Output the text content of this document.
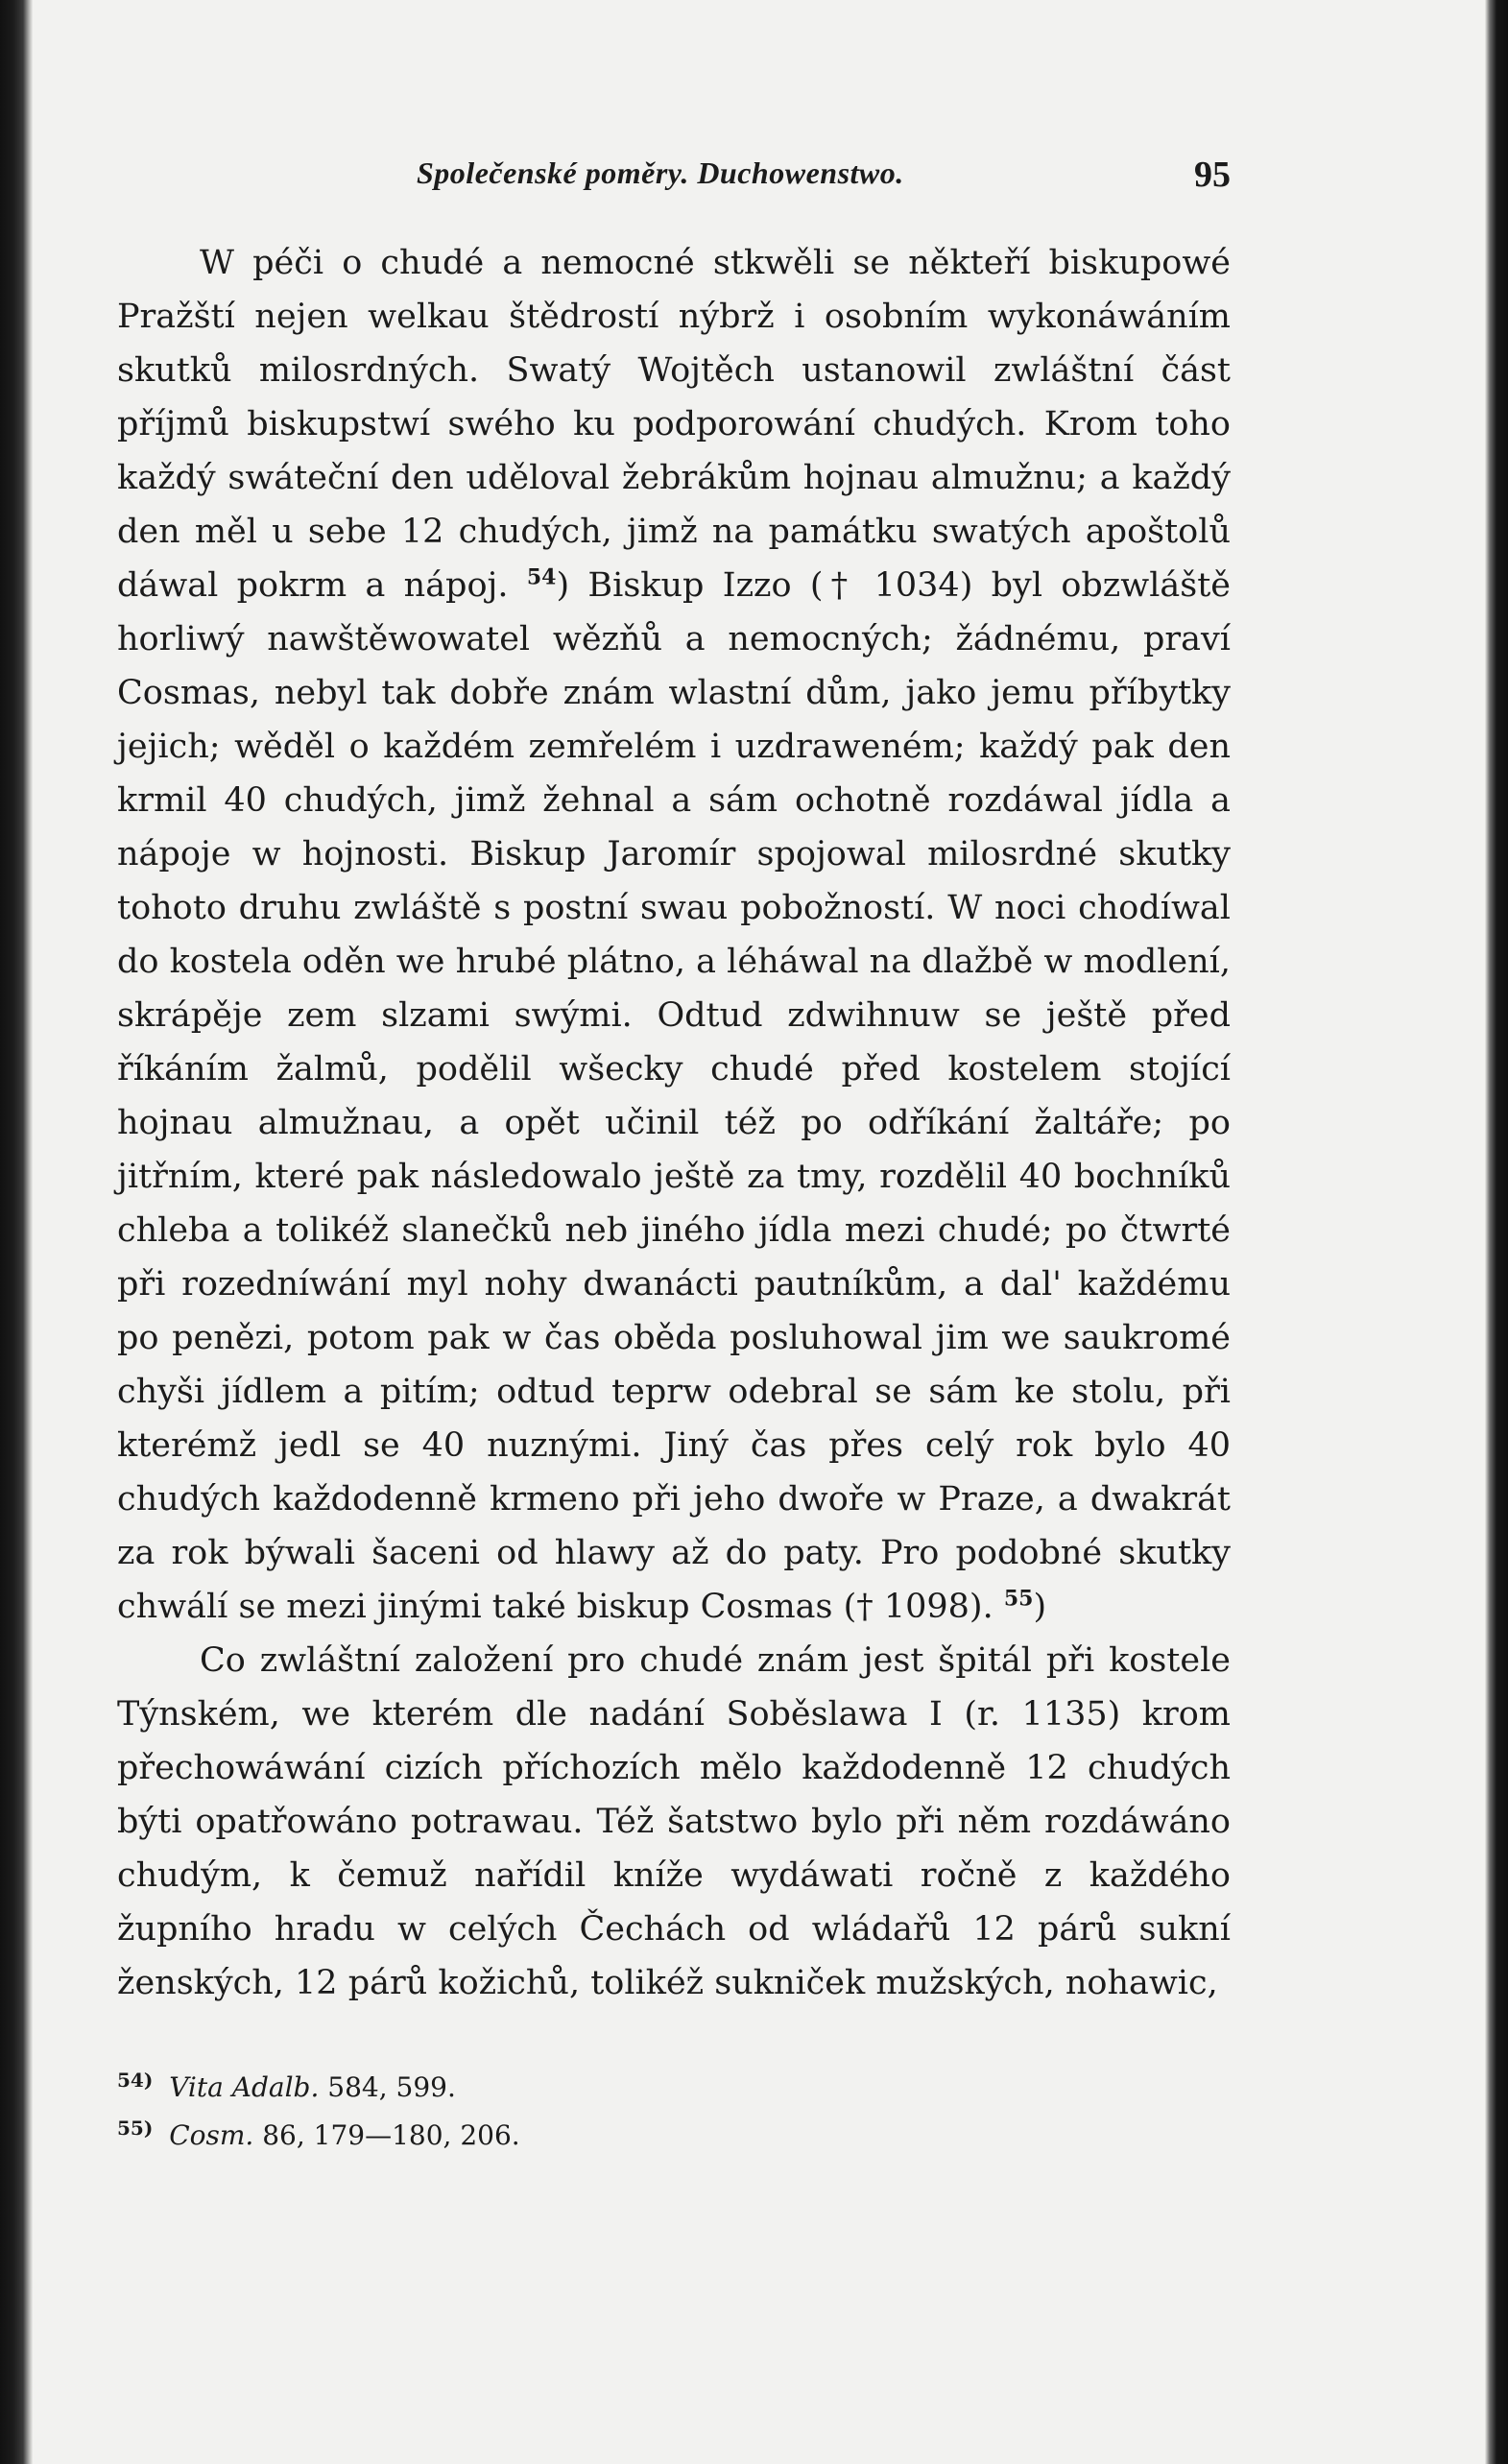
Společenské poměry. Duchowenstwo.	95

W péči o chudé a nemocné stkwěli se někteří biskupowé Pražští nejen welkau štědrostí nýbrž i osobním wykonáwáním skutků milosrdných. Swatý Wojtěch ustanowil zwláštní část příjmů biskupstwí swého ku podporowání chudých. Krom toho každý swáteční den uděloval žebrákům hojnau almužnu; a každý den měl u sebe 12 chudých, jimž na památku swatých apoštolů dáwal pokrm a nápoj. $^{54}$) Biskup Izzo († 1034) byl obzwláště horliwý nawštěwowatel wězňů a nemocných; žádnému, praví Cosmas, nebyl tak dobře znám wlastní dům, jako jemu příbytky jejich; wěděl o každém zemřelém i uzdraweném; každý pak den krmil 40 chudých, jimž žehnal a sám ochotně rozdáwal jídla a nápoje w hojnosti. Biskup Jaromír spojowal milosrdné skutky tohoto druhu zwláště s postní swau pobožností. W noci chodíwal do kostela oděn we hrubé plátno, a léháwal na dlažbě w modlení, skrápěje zem slzami swými. Odtud zdwihnuw se ještě před říkáním žalmů, podělil wšecky chudé před kostelem stojící hojnau almužnau, a opět učinil též po odříkání žaltáře; po jitřním, které pak následowalo ještě za tmy, rozdělil 40 bochníků chleba a tolikéž slanečků neb jiného jídla mezi chudé; po čtwrté při rozedníwání myl nohy dwanácti pautníkům, a dal' každému po penězi, potom pak w čas oběda posluhowal jim we saukromé chyši jídlem a pitím; odtud teprw odebral se sám ke stolu, při kterémž jedl se 40 nuznými. Jiný čas přes celý rok bylo 40 chudých každodenně krmeno při jeho dwoře w Praze, a dwakrát za rok býwali šaceni od hlawy až do paty. Pro podobné skutky chwálí se mezi jinými také biskup Cosmas († 1098). $^{55}$)

Co zwláštní založení pro chudé znám jest špitál při kostele Týnském, we kterém dle nadání Soběslawa I (r. 1135) krom přechowáwání cizích příchozích mělo každodenně 12 chudých býti opatřowáno potrawau. Též šatstwo bylo při něm rozdáwáno chudým, k čemuž nařídil kníže wydáwati ročně z každého župního hradu w celých Čechách od wládařů 12 párů sukní ženských, 12 párů kožichů, tolikéž sukniček mužských, nohawic,

$^{54)}$ Vita Adalb. 584, 599.
$^{55)}$ Cosm. 86, 179—180, 206.
